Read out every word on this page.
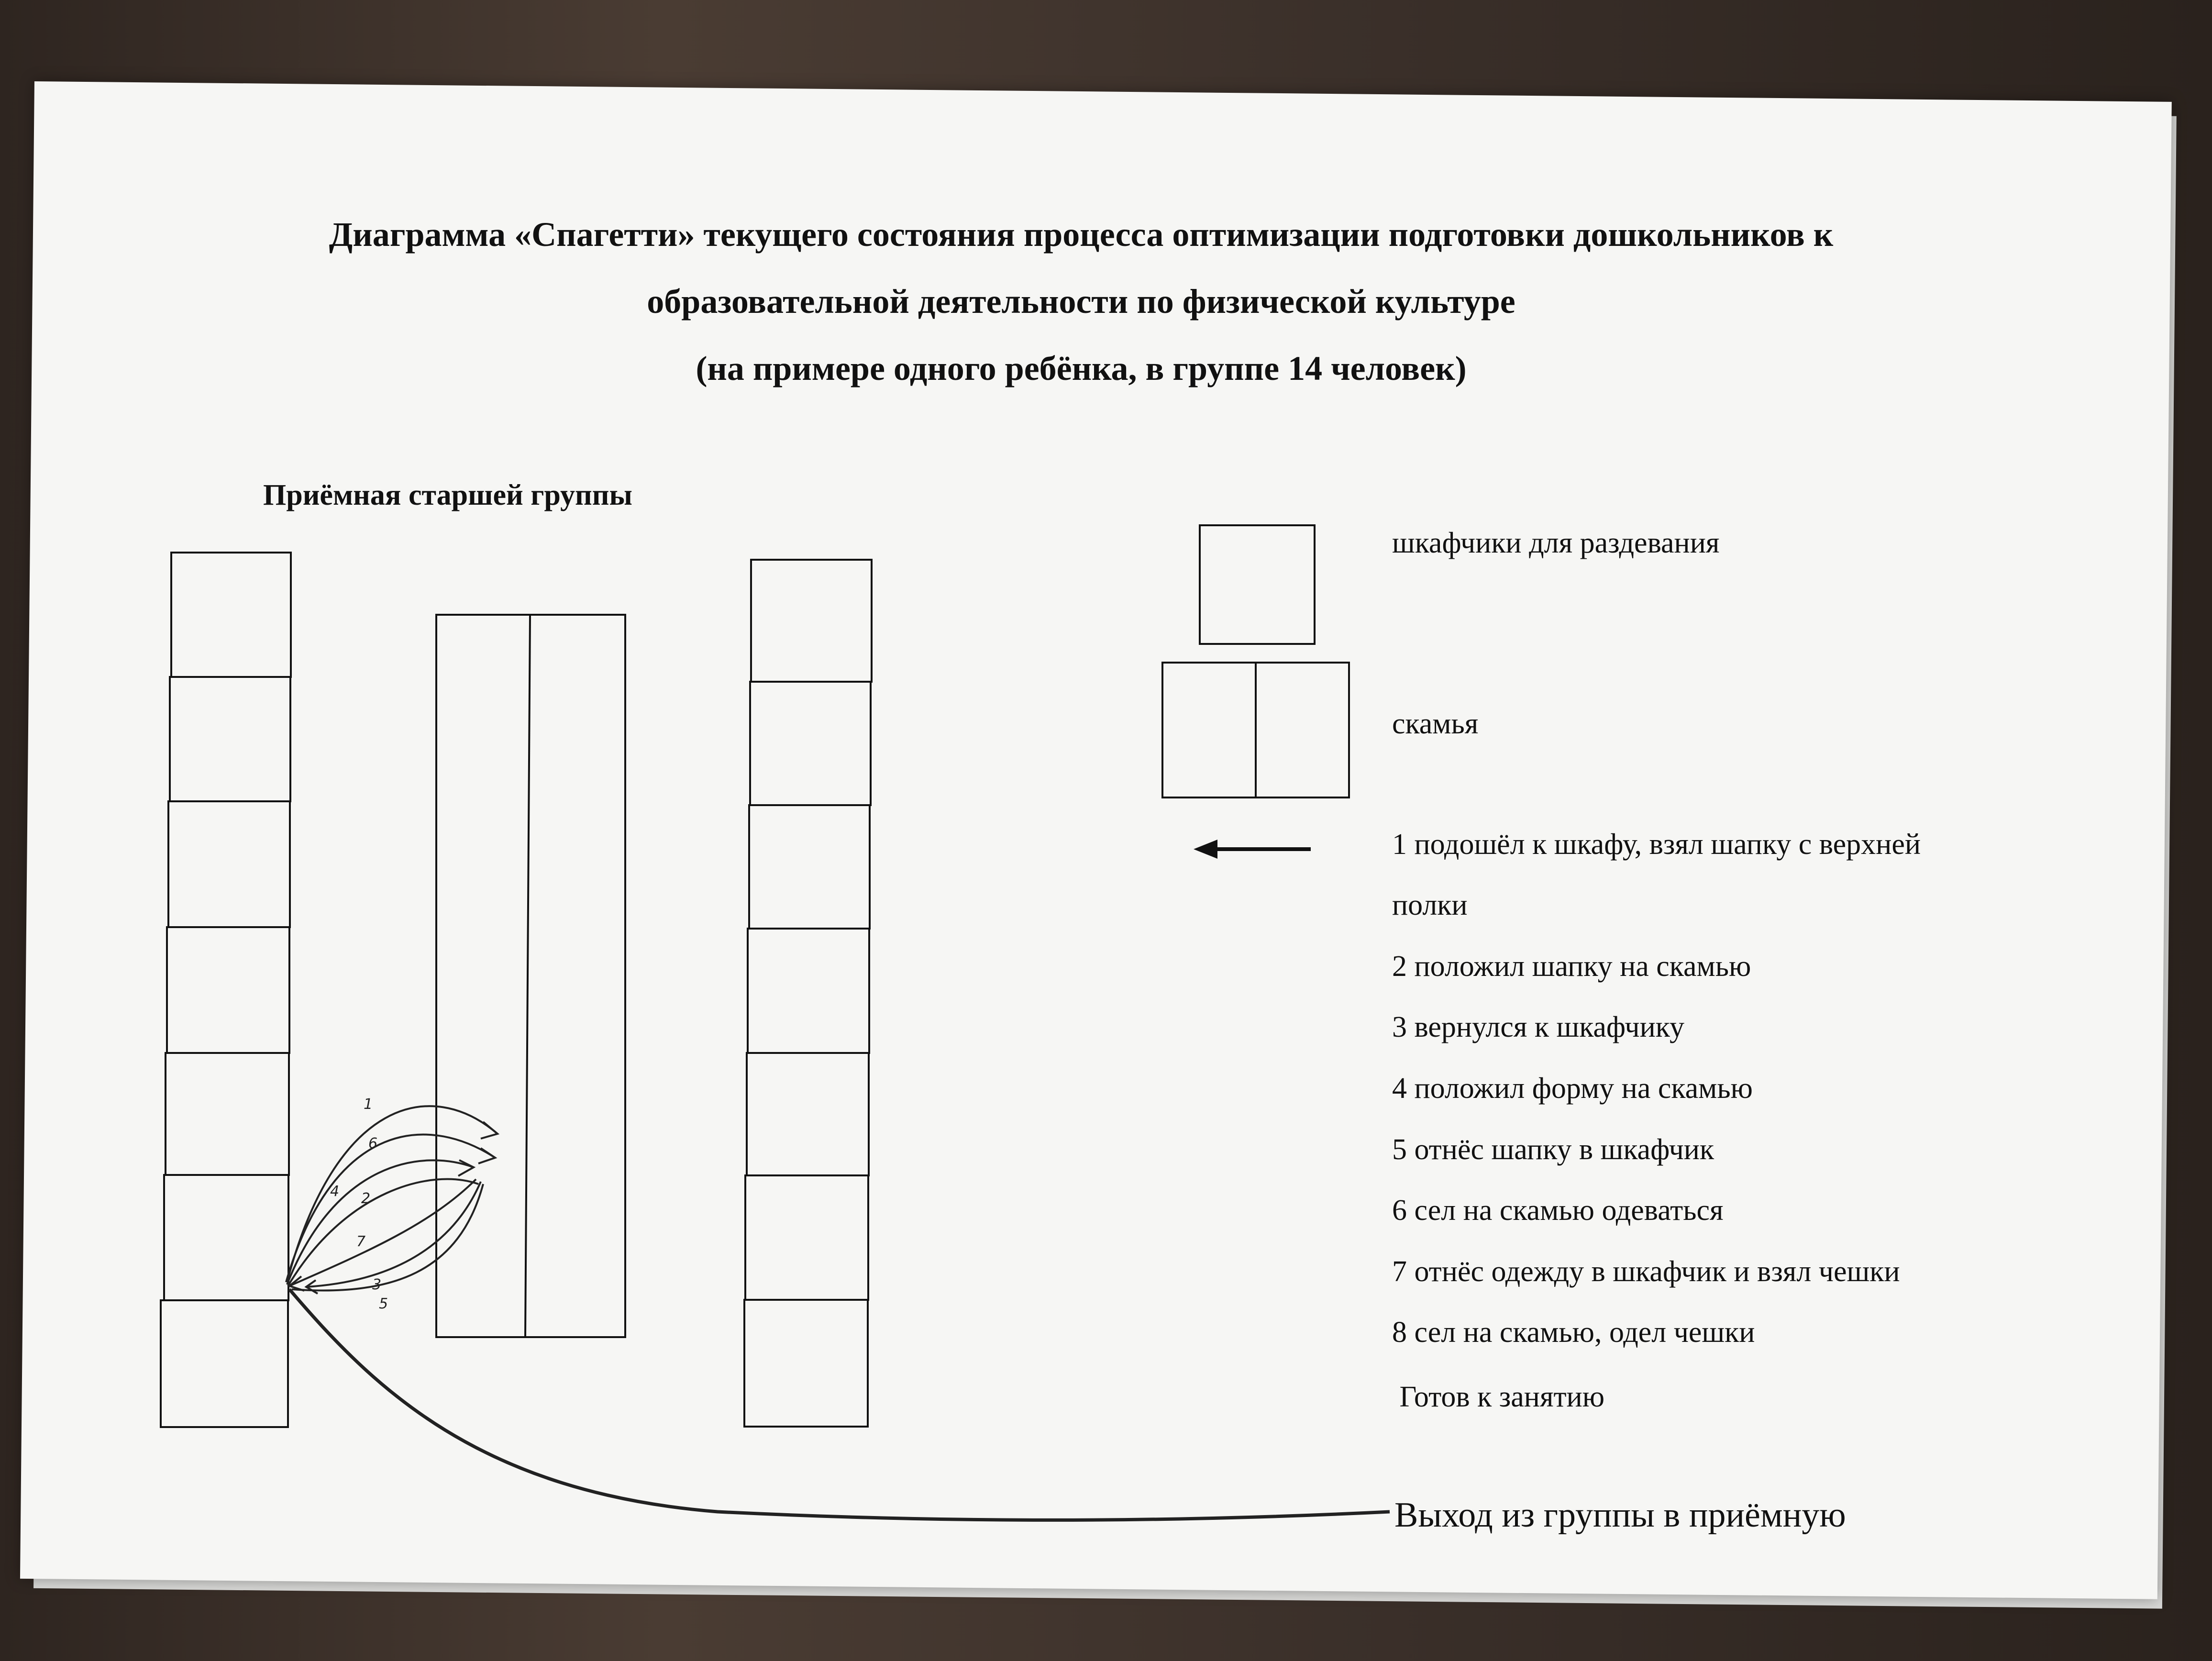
Диаграмма «Спагетти» текущего состояния процесса оптимизации подготовки дошкольников к
образовательной деятельности по физической культуре
(на примере одного ребёнка, в группе 14 человек)
Приёмная старшей группы
1
6
4 2
7
3
5
шкафчики для раздевания
скамья
1 подошёл к шкафу, взял шапку с верхней
полки
2 положил шапку на скамью
3 вернулся к шкафчику
4 положил форму на скамью
5 отнёс шапку в шкафчик
6 сел на скамью одеваться
7 отнёс одежду в шкафчик и взял чешки
8 сел на скамью, одел чешки
Готов к занятию
Выход из группы в приёмную
